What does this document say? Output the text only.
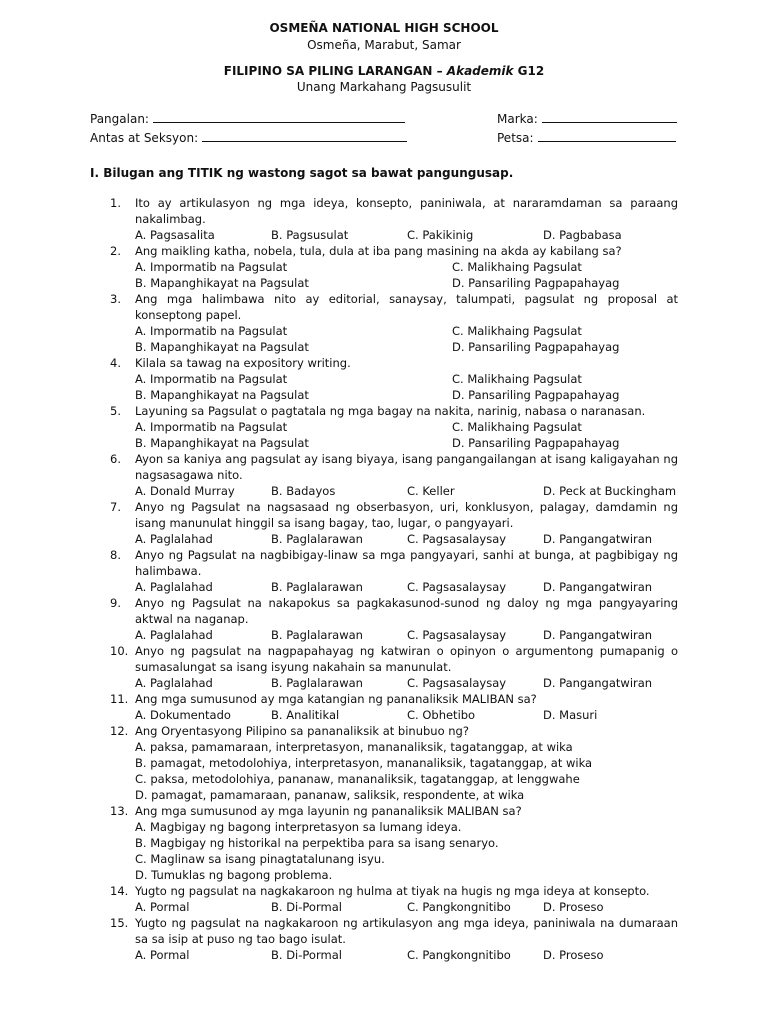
OSMEÑA NATIONAL HIGH SCHOOL
Osmeña, Marabut, Samar
FILIPINO SA PILING LARANGAN – Akademik G12
Unang Markahang Pagsusulit
Pangalan:
Antas at Seksyon:
Marka:
Petsa:
I. Bilugan ang TITIK ng wastong sagot sa bawat pangungusap.
1.	Ito ay artikulasyon ng mga ideya, konsepto, paniniwala, at nararamdaman sa paraang nakalimbag.
A. Pagsasalita	B. Pagsusulat	C. Pakikinig	D. Pagbabasa
2.	Ang maikling katha, nobela, tula, dula at iba pang masining na akda ay kabilang sa?
A. Impormatib na Pagsulat	C. Malikhaing Pagsulat
B. Mapanghikayat na Pagsulat	D. Pansariling Pagpapahayag
3.	Ang mga halimbawa nito ay editorial, sanaysay, talumpati, pagsulat ng proposal at konseptong papel.
A. Impormatib na Pagsulat	C. Malikhaing Pagsulat
B. Mapanghikayat na Pagsulat	D. Pansariling Pagpapahayag
4.	Kilala sa tawag na expository writing.
A. Impormatib na Pagsulat	C. Malikhaing Pagsulat
B. Mapanghikayat na Pagsulat	D. Pansariling Pagpapahayag
5.	Layuning sa Pagsulat o pagtatala ng mga bagay na nakita, narinig, nabasa o naranasan.
A. Impormatib na Pagsulat	C. Malikhaing Pagsulat
B. Mapanghikayat na Pagsulat	D. Pansariling Pagpapahayag
6.	Ayon sa kaniya ang pagsulat ay isang biyaya, isang pangangailangan at isang kaligayahan ng nagsasagawa nito.
A. Donald Murray	B. Badayos	C. Keller	D. Peck at Buckingham
7.	Anyo ng Pagsulat na nagsasaad ng obserbasyon, uri, konklusyon, palagay, damdamin ng isang manunulat hinggil sa isang bagay, tao, lugar, o pangyayari.
A. Paglalahad	B. Paglalarawan	C. Pagsasalaysay	D. Pangangatwiran
8.	Anyo ng Pagsulat na nagbibigay-linaw sa mga pangyayari, sanhi at bunga, at pagbibigay ng halimbawa.
A. Paglalahad	B. Paglalarawan	C. Pagsasalaysay	D. Pangangatwiran
9.	Anyo ng Pagsulat na nakapokus sa pagkakasunod-sunod ng daloy ng mga pangyayaring aktwal na naganap.
A. Paglalahad	B. Paglalarawan	C. Pagsasalaysay	D. Pangangatwiran
10. Anyo ng pagsulat na nagpapahayag ng katwiran o opinyon o argumentong pumapanig o sumasalungat sa isang isyung nakahain sa manunulat.
A. Paglalahad	B. Paglalarawan	C. Pagsasalaysay	D. Pangangatwiran
11. Ang mga sumusunod ay mga katangian ng pananaliksik MALIBAN sa?
A. Dokumentado	B. Analitikal	C. Obhetibo	D. Masuri
12. Ang Oryentasyong Pilipino sa pananaliksik at binubuo ng?
A. paksa, pamamaraan, interpretasyon, mananaliksik, tagatanggap, at wika
B. pamagat, metodolohiya, interpretasyon, mananaliksik, tagatanggap, at wika
C. paksa, metodolohiya, pananaw, mananaliksik, tagatanggap, at lenggwahe
D. pamagat, pamamaraan, pananaw, saliksik, respondente, at wika
13. Ang mga sumusunod ay mga layunin ng pananaliksik MALIBAN sa?
A. Magbigay ng bagong interpretasyon sa lumang ideya.
B. Magbigay ng historikal na perpektiba para sa isang senaryo.
C. Maglinaw sa isang pinagtatalunang isyu.
D. Tumuklas ng bagong problema.
14. Yugto ng pagsulat na nagkakaroon ng hulma at tiyak na hugis ng mga ideya at konsepto.
A. Pormal	B. Di-Pormal	C. Pangkongnitibo	D. Proseso
15. Yugto ng pagsulat na nagkakaroon ng artikulasyon ang mga ideya, paniniwala na dumaraan sa sa isip at puso ng tao bago isulat.
A. Pormal	B. Di-Pormal	C. Pangkongnitibo	D. Proseso
